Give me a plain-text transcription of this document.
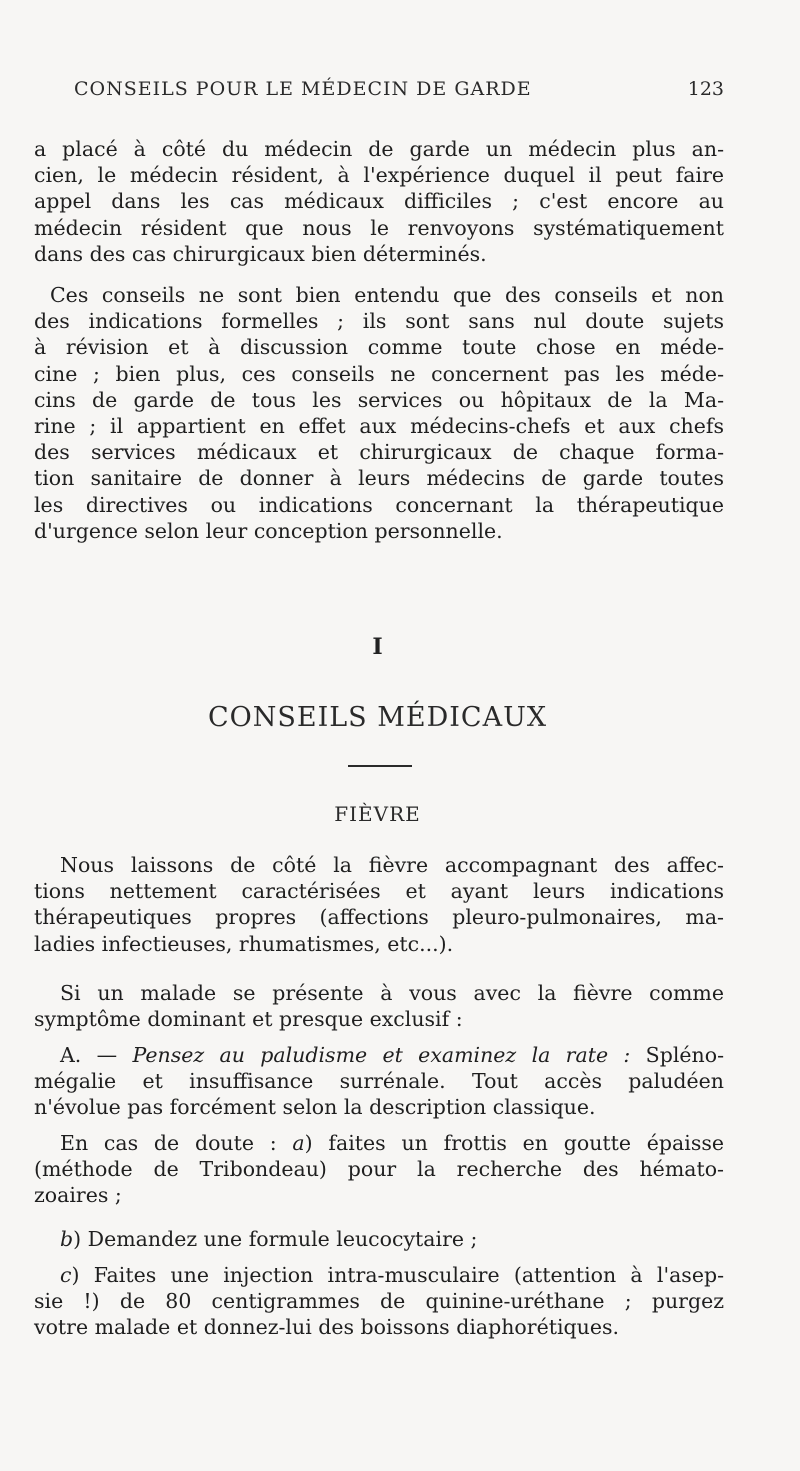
CONSEILS POUR LE MÉDECIN DE GARDE	123
a placé à côté du médecin de garde un médecin plus an-
cien, le médecin résident, à l'expérience duquel il peut faire
appel dans les cas médicaux difficiles ; c'est encore au
médecin résident que nous le renvoyons systématiquement
dans des cas chirurgicaux bien déterminés.
Ces conseils ne sont bien entendu que des conseils et non
des indications formelles ; ils sont sans nul doute sujets
à révision et à discussion comme toute chose en méde-
cine ; bien plus, ces conseils ne concernent pas les méde-
cins de garde de tous les services ou hôpitaux de la Ma-
rine ; il appartient en effet aux médecins-chefs et aux chefs
des services médicaux et chirurgicaux de chaque forma-
tion sanitaire de donner à leurs médecins de garde toutes
les directives ou indications concernant la thérapeutique
d'urgence selon leur conception personnelle.
I
CONSEILS MÉDICAUX
FIÈVRE
Nous laissons de côté la fièvre accompagnant des affec-
tions nettement caractérisées et ayant leurs indications
thérapeutiques propres (affections pleuro-pulmonaires, ma-
ladies infectieuses, rhumatismes, etc...).
Si un malade se présente à vous avec la fièvre comme
symptôme dominant et presque exclusif :
A. — Pensez au paludisme et examinez la rate : Spléno-
mégalie et insuffisance surrénale. Tout accès paludéen
n'évolue pas forcément selon la description classique.
En cas de doute : a) faites un frottis en goutte épaisse
(méthode de Tribondeau) pour la recherche des hémato-
zoaires ;
b) Demandez une formule leucocytaire ;
c) Faites une injection intra-musculaire (attention à l'asep-
sie !) de 80 centigrammes de quinine-uréthane ; purgez
votre malade et donnez-lui des boissons diaphorétiques.
